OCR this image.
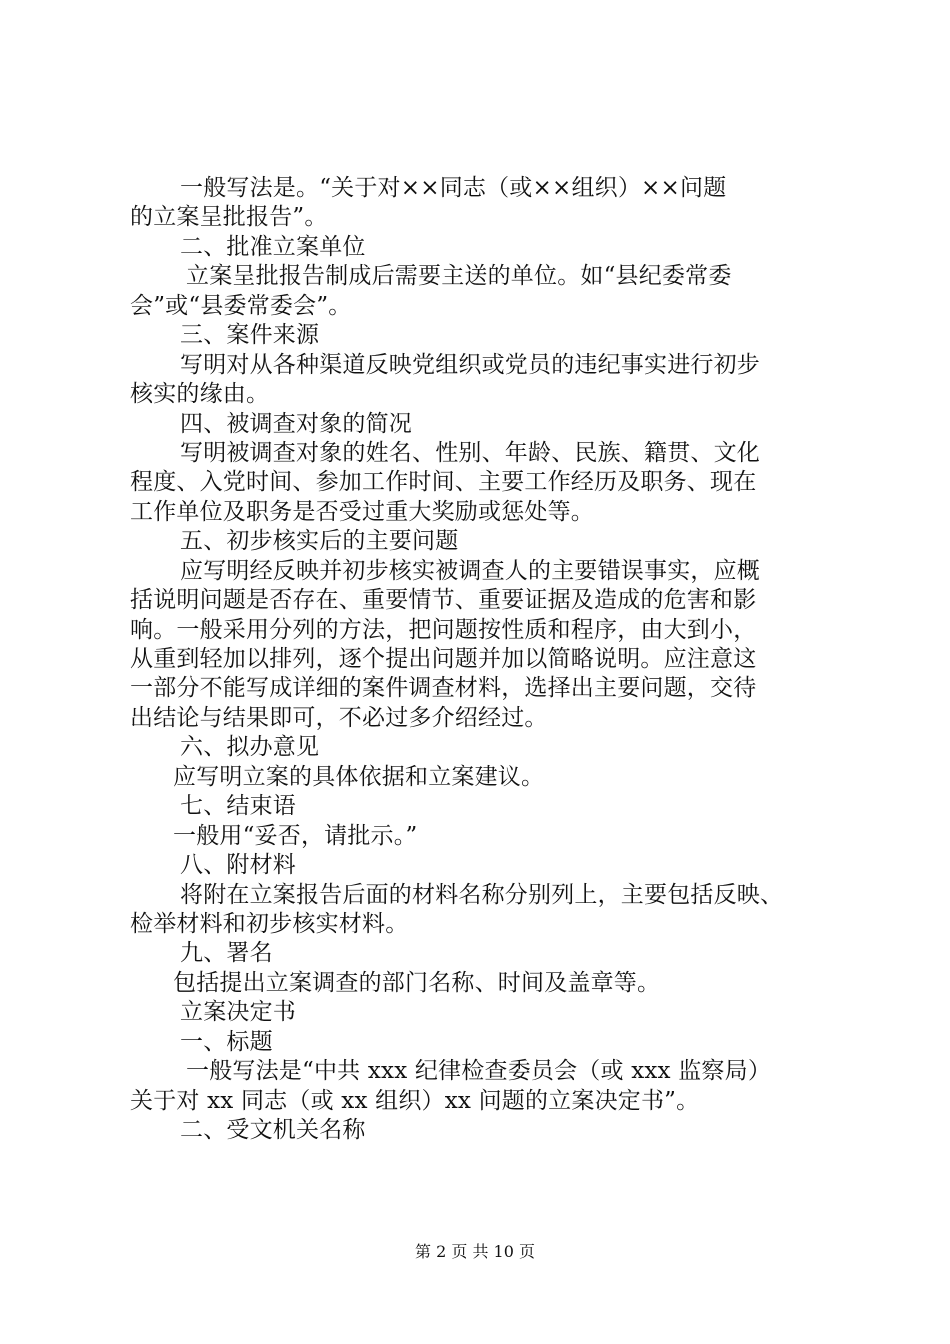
一般写法是。“关于对××同志（或××组织）××问题
的立案呈批报告”。
二、批准立案单位
立案呈批报告制成后需要主送的单位。如“县纪委常委
会”或“县委常委会”。
三、案件来源
写明对从各种渠道反映党组织或党员的违纪事实进行初步
核实的缘由。
四、被调查对象的简况
写明被调查对象的姓名、性别、年龄、民族、籍贯、文化
程度、入党时间、参加工作时间、主要工作经历及职务、现在
工作单位及职务是否受过重大奖励或惩处等。
五、初步核实后的主要问题
应写明经反映并初步核实被调查人的主要错误事实，应概
括说明问题是否存在、重要情节、重要证据及造成的危害和影
响。一般采用分列的方法，把问题按性质和程序，由大到小，
从重到轻加以排列，逐个提出问题并加以简略说明。应注意这
一部分不能写成详细的案件调查材料，选择出主要问题，交待
出结论与结果即可，不必过多介绍经过。
六、拟办意见
应写明立案的具体依据和立案建议。
七、结束语
一般用“妥否，请批示。”
八、附材料
将附在立案报告后面的材料名称分别列上，主要包括反映、
检举材料和初步核实材料。
九、署名
包括提出立案调查的部门名称、时间及盖章等。
立案决定书
一、标题
一般写法是“中共 xxx 纪律检查委员会（或 xxx 监察局）
关于对 xx 同志（或 xx 组织）xx 问题的立案决定书”。
二、受文机关名称
第 2 页 共 10 页
